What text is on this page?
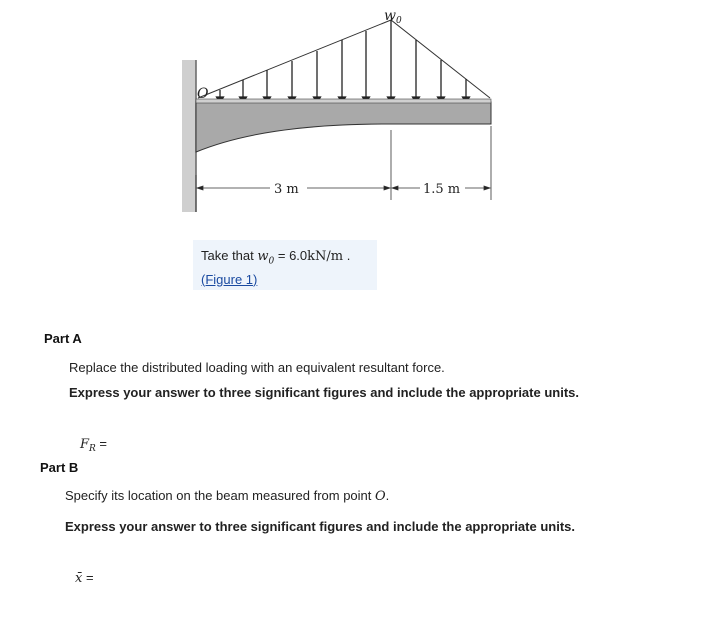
O
$w_0$
3 m	1.5 m
Take that $w_0 = 6.0kN/m$ .
(Figure 1)
Part A
Replace the distributed loading with an equivalent resultant force.
Express your answer to three significant figures and include the appropriate units.
$F_R$ =
Part B
Specify its location on the beam measured from point O.
Express your answer to three significant figures and include the appropriate units.
x̄ =
